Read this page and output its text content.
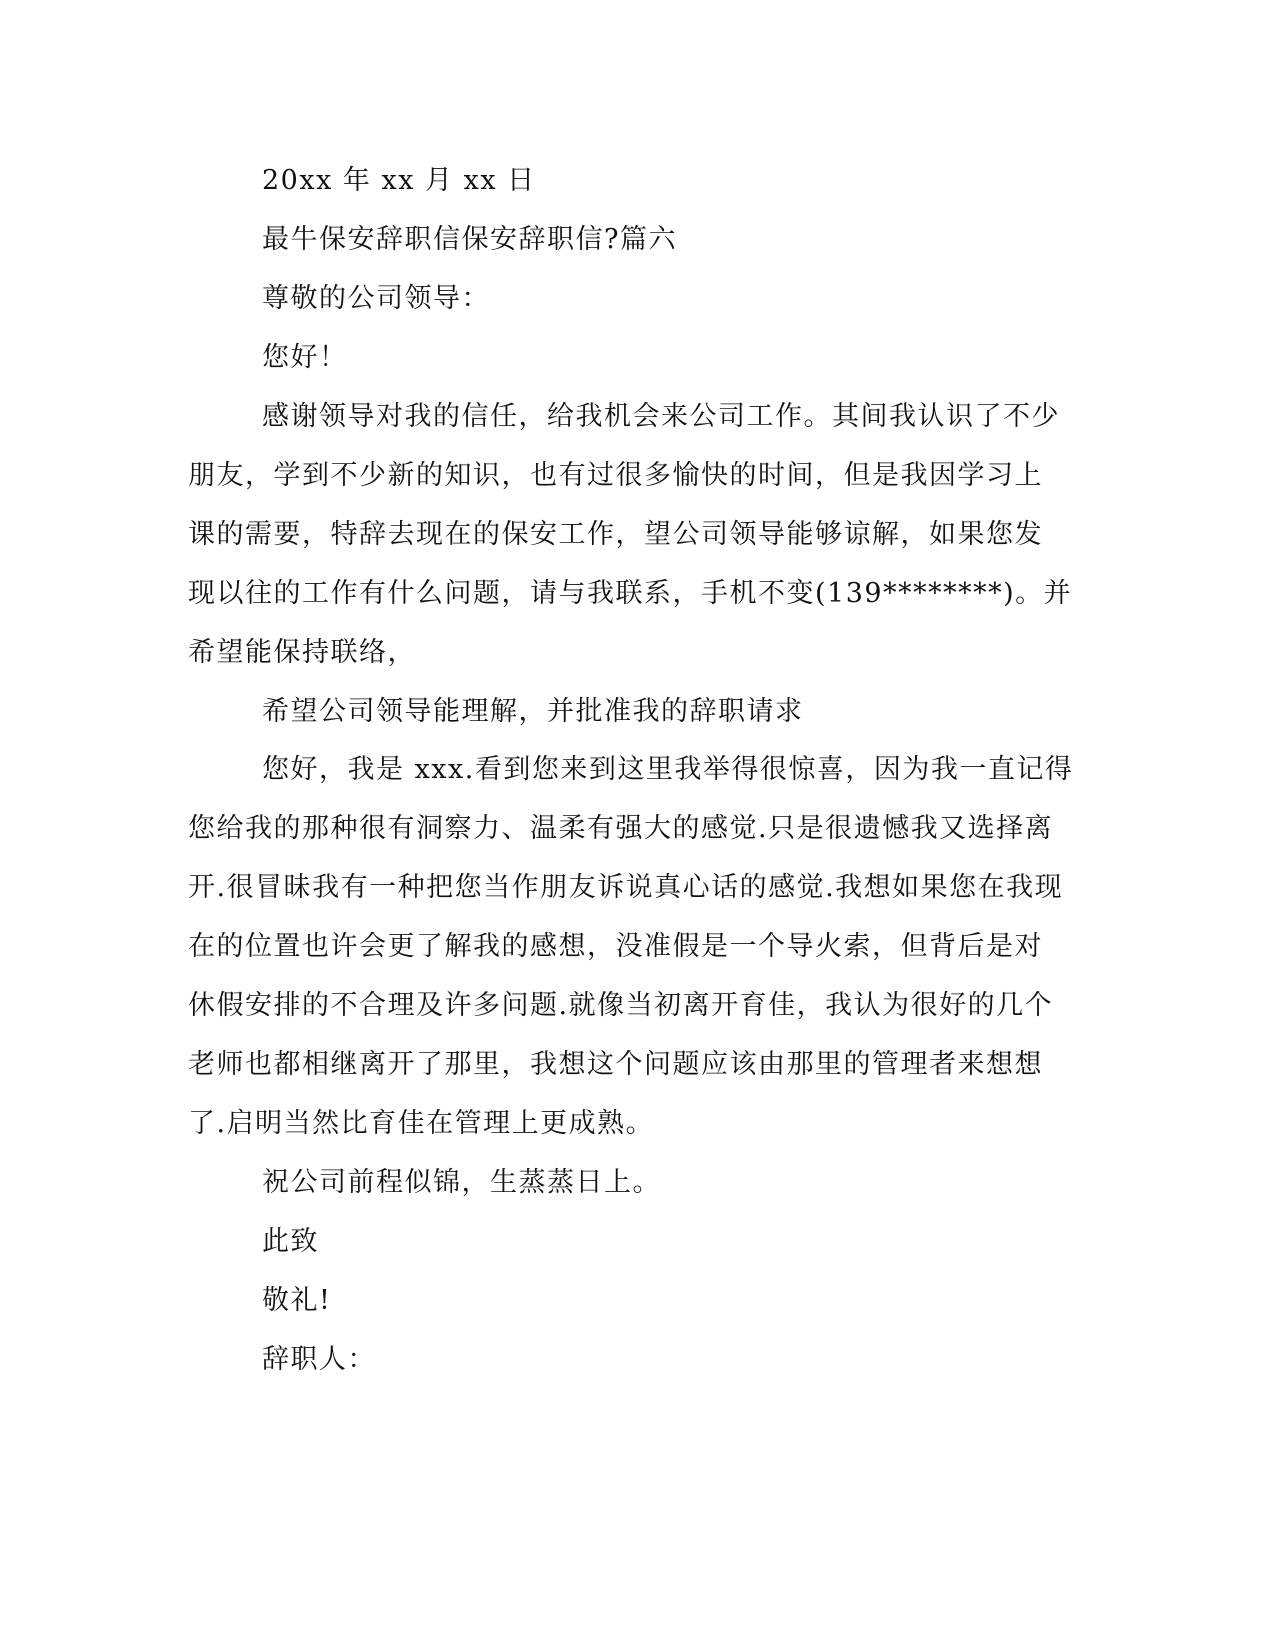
20xx 年 xx 月 xx 日
最牛保安辞职信保安辞职信?篇六
尊敬的公司领导：
您好！
感谢领导对我的信任，给我机会来公司工作。其间我认识了不少
朋友，学到不少新的知识，也有过很多愉快的时间，但是我因学习上
课的需要，特辞去现在的保安工作，望公司领导能够谅解，如果您发
现以往的工作有什么问题，请与我联系，手机不变(139********)。并
希望能保持联络，
希望公司领导能理解，并批准我的辞职请求
您好，我是 xxx.看到您来到这里我举得很惊喜，因为我一直记得
您给我的那种很有洞察力、温柔有强大的感觉.只是很遗憾我又选择离
开.很冒昧我有一种把您当作朋友诉说真心话的感觉.我想如果您在我现
在的位置也许会更了解我的感想，没准假是一个导火索，但背后是对
休假安排的不合理及许多问题.就像当初离开育佳，我认为很好的几个
老师也都相继离开了那里，我想这个问题应该由那里的管理者来想想
了.启明当然比育佳在管理上更成熟。
祝公司前程似锦，生蒸蒸日上。
此致
敬礼!
辞职人：
